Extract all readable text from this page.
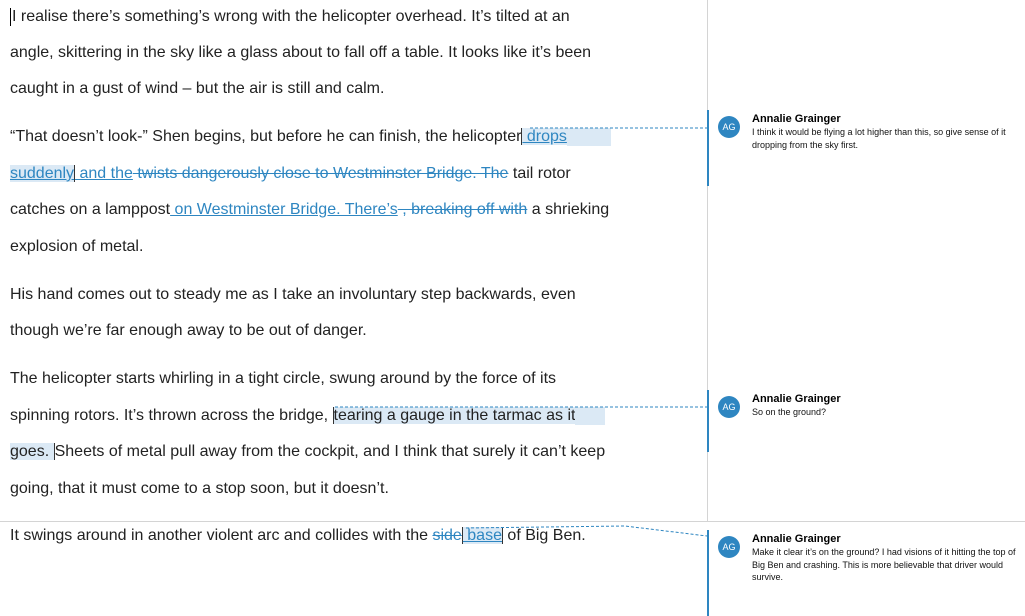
I realise there’s something’s wrong with the helicopter overhead. It’s tilted at an
angle, skittering in the sky like a glass about to fall off a table. It looks like it’s been
caught in a gust of wind – but the air is still and calm.
“That doesn’t look-” Shen begins, but before he can finish, the helicopter drops
suddenly and the twists dangerously close to Westminster Bridge. The tail rotor
catches on a lamppost on Westminster Bridge. There’s , breaking off with a shrieking
explosion of metal.
His hand comes out to steady me as I take an involuntary step backwards, even
though we’re far enough away to be out of danger.
The helicopter starts whirling in a tight circle, swung around by the force of its
spinning rotors. It’s thrown across the bridge, tearing a gauge in the tarmac as it
goes. Sheets of metal pull away from the cockpit, and I think that surely it can’t keep
going, that it must come to a stop soon, but it doesn’t.
It swings around in another violent arc and collides with the side base of Big Ben.
AG
Annalie Grainger
I think it would be flying a lot higher than this, so give sense of it dropping from the sky first.
AG
Annalie Grainger
So on the ground?
AG
Annalie Grainger
Make it clear it’s on the ground? I had visions of it hitting the top of Big Ben and crashing. This is more believable that driver would survive.
